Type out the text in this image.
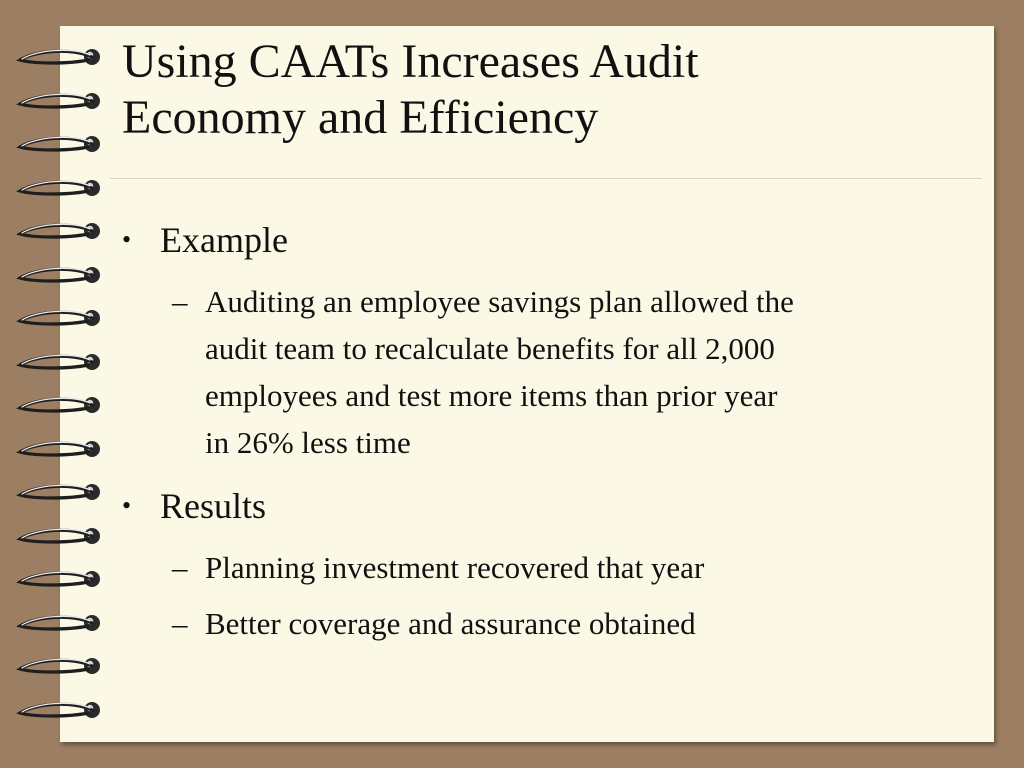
Using CAATs Increases Audit
Economy and Efficiency
• Example
– Auditing an employee savings plan allowed the
audit team to recalculate benefits for all 2,000
employees and test more items than prior year
in 26% less time
• Results
– Planning investment recovered that year
– Better coverage and assurance obtained
